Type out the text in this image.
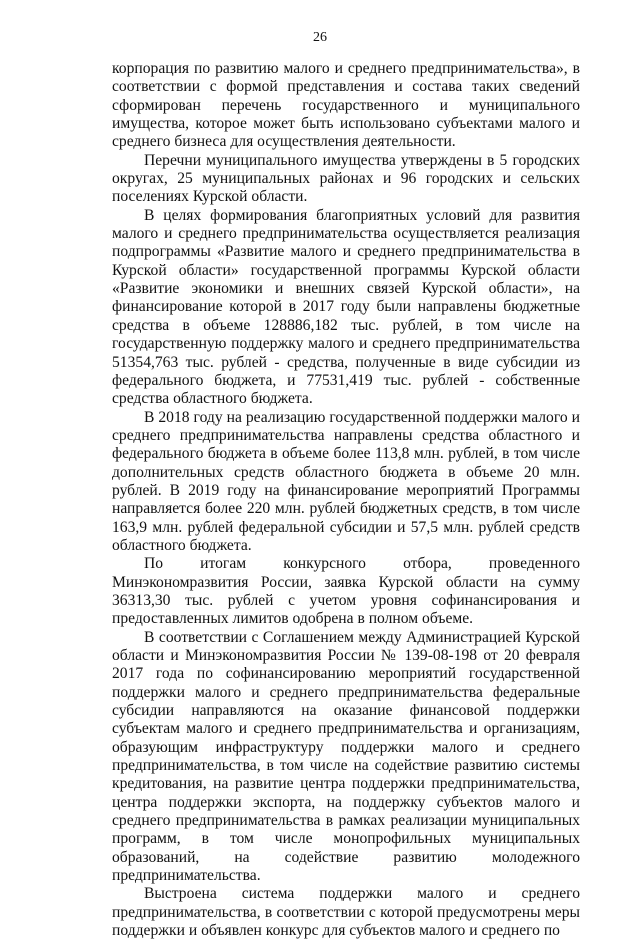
26

корпорация по развитию малого и среднего предпринимательства», в соответствии с формой представления и состава таких сведений сформирован перечень государственного и муниципального имущества, которое может быть использовано субъектами малого и среднего бизнеса для осуществления деятельности.

Перечни муниципального имущества утверждены в 5 городских округах, 25 муниципальных районах и 96 городских и сельских поселениях Курской области.

В целях формирования благоприятных условий для развития малого и среднего предпринимательства осуществляется реализация подпрограммы «Развитие малого и среднего предпринимательства в Курской области» государственной программы Курской области «Развитие экономики и внешних связей Курской области», на финансирование которой в 2017 году были направлены бюджетные средства в объеме 128886,182 тыс. рублей, в том числе на государственную поддержку малого и среднего предпринимательства 51354,763 тыс. рублей - средства, полученные в виде субсидии из федерального бюджета, и 77531,419 тыс. рублей - собственные средства областного бюджета.

В 2018 году на реализацию государственной поддержки малого и среднего предпринимательства направлены средства областного и федерального бюджета в объеме более 113,8 млн. рублей, в том числе дополнительных средств областного бюджета в объеме 20 млн. рублей. В 2019 году на финансирование мероприятий Программы направляется более 220 млн. рублей бюджетных средств, в том числе 163,9 млн. рублей федеральной субсидии и 57,5 млн. рублей средств областного бюджета.

По итогам конкурсного отбора, проведенного Минэкономразвития России, заявка Курской области на сумму 36313,30 тыс. рублей с учетом уровня софинансирования и предоставленных лимитов одобрена в полном объеме.

В соответствии с Соглашением между Администрацией Курской области и Минэкономразвития России № 139-08-198 от 20 февраля 2017 года по софинансированию мероприятий государственной поддержки малого и среднего предпринимательства федеральные субсидии направляются на оказание финансовой поддержки субъектам малого и среднего предпринимательства и организациям, образующим инфраструктуру поддержки малого и среднего предпринимательства, в том числе на содействие развитию системы кредитования, на развитие центра поддержки предпринимательства, центра поддержки экспорта, на поддержку субъектов малого и среднего предпринимательства в рамках реализации муниципальных программ, в том числе монопрофильных муниципальных образований, на содействие развитию молодежного предпринимательства.

Выстроена система поддержки малого и среднего предпринимательства, в соответствии с которой предусмотрены меры поддержки и объявлен конкурс для субъектов малого и среднего по
